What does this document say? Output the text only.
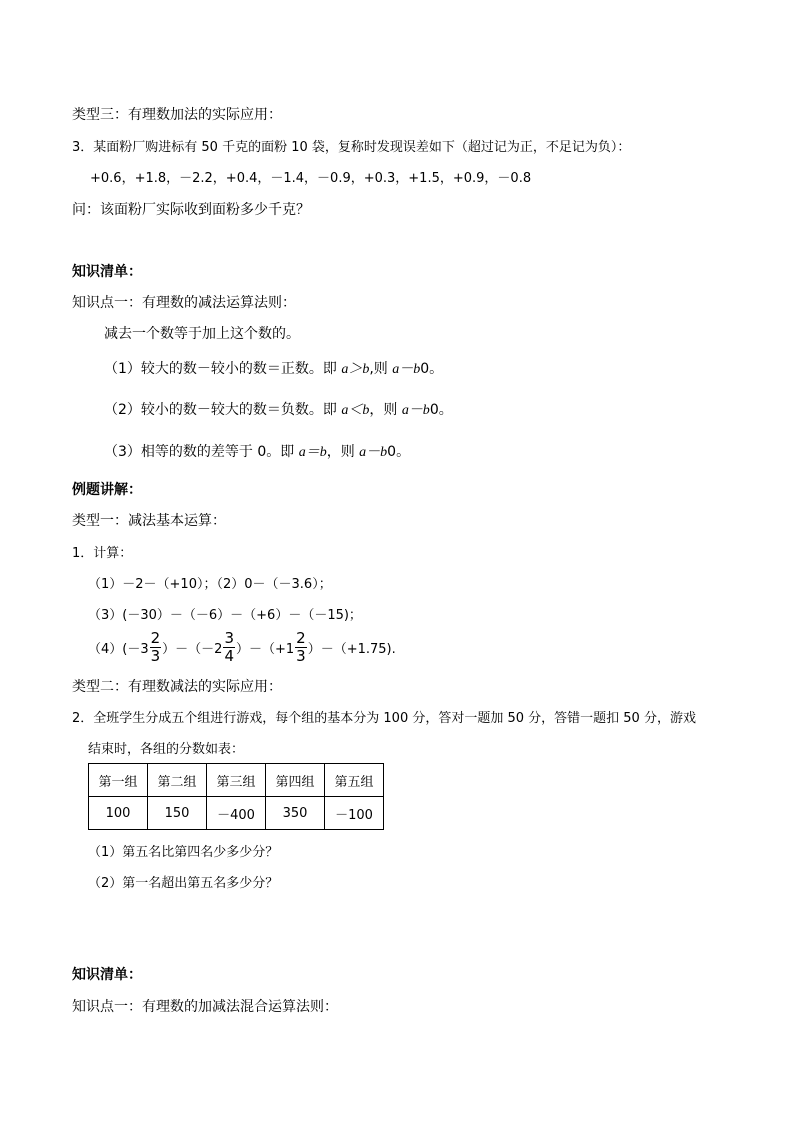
类型三：有理数加法的实际应用：
3．某面粉厂购进标有 50 千克的面粉 10 袋，复称时发现误差如下（超过记为正，不足记为负）：
+0.6，+1.8，－2.2，+0.4，－1.4，－0.9，+0.3，+1.5，+0.9，－0.8
问：该面粉厂实际收到面粉多少千克？
知识清单：
知识点一：有理数的减法运算法则：
减去一个数等于加上这个数的。
（1）较大的数－较小的数＝正数。即 a＞b,则 a－b0。
（2）较小的数－较大的数＝负数。即 a＜b，则 a－b0。
（3）相等的数的差等于 0。即 a＝b，则 a－b0。
例题讲解：
类型一：减法基本运算：
1．计算：
（1）－2－（+10）；（2）0－（－3.6）；
（3）(－30）－（－6）－（+6）－（－15)；
$(4)(-3 \frac{2}{3} )-(-2 \frac{3}{4} )-(+1 \frac{2}{3} )-(+1.75)$.
类型二：有理数减法的实际应用：
2．全班学生分成五个组进行游戏，每个组的基本分为 100 分，答对一题加 50 分，答错一题扣 50 分，游戏
结束时，各组的分数如表：
第一组	第二组	第三组	第四组	第五组
100	150	－400	350	－100
（1）第五名比第四名少多少分？
（2）第一名超出第五名多少分？
知识清单：
知识点一：有理数的加减法混合运算法则：
